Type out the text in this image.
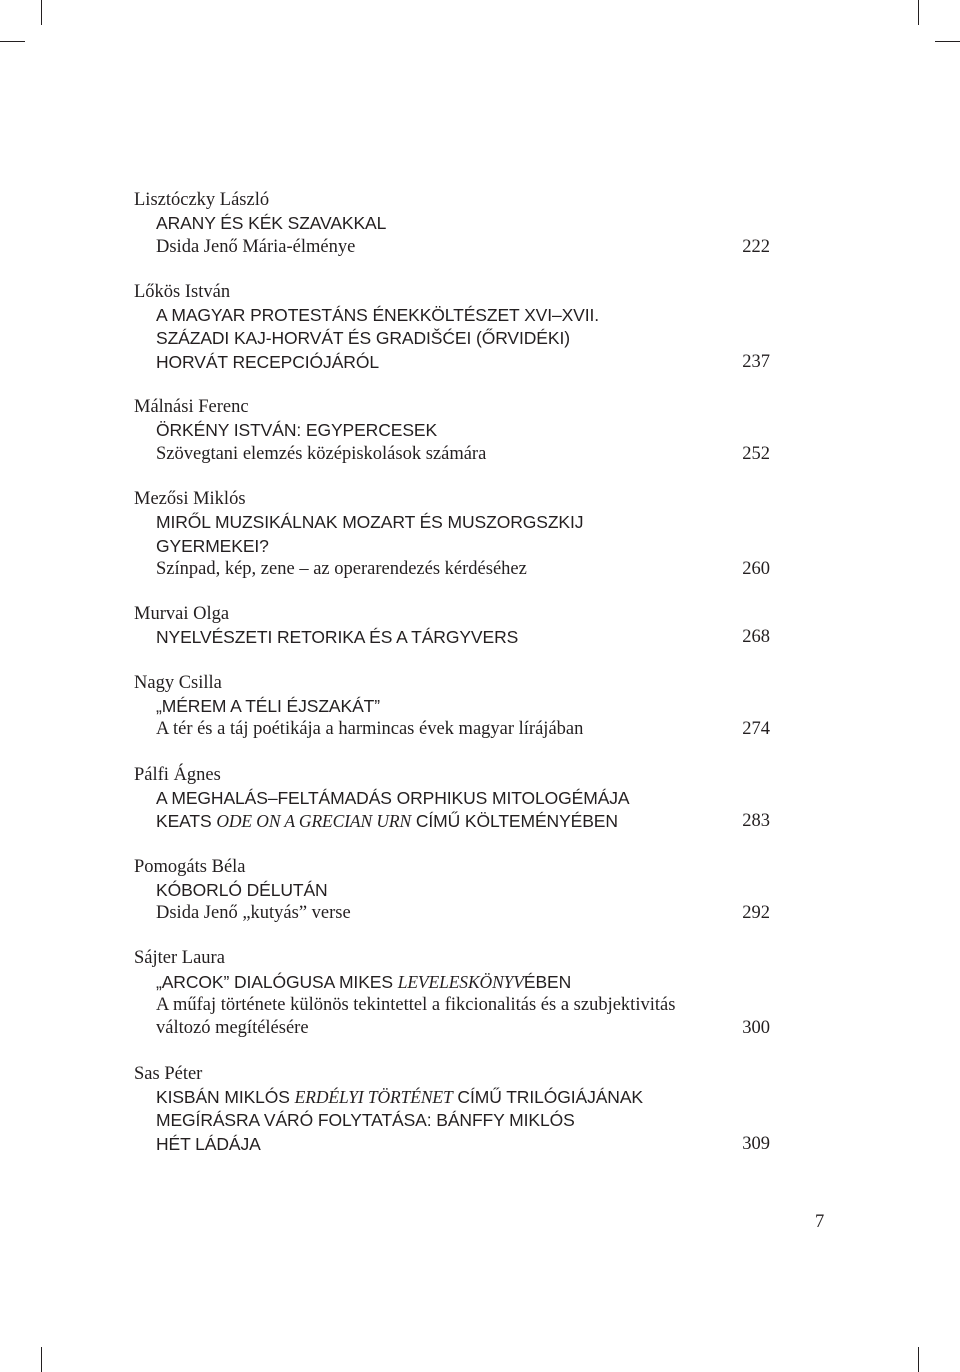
Lisztóczky László
ARANY ÉS KÉK SZAVAKKAL
Dsida Jenő Mária-élménye	222
Lőkös István
A MAGYAR PROTESTÁNS ÉNEKKÖLTÉSZET XVI–XVII.
SZÁZADI KAJ-HORVÁT ÉS GRADIŠĆEI (ŐRVIDÉKI)
HORVÁT RECEPCIÓJÁRÓL	237
Málnási Ferenc
ÖRKÉNY ISTVÁN: EGYPERCESEK
Szövegtani elemzés középiskolások számára	252
Mezősi Miklós
MIRŐL MUZSIKÁLNAK MOZART ÉS MUSZORGSZKIJ
GYERMEKEI?
Színpad, kép, zene – az operarendezés kérdéséhez	260
Murvai Olga
NYELVÉSZETI RETORIKA ÉS A TÁRGYVERS	268
Nagy Csilla
„MÉREM A TÉLI ÉJSZAKÁT”
A tér és a táj poétikája a harmincas évek magyar lírájában	274
Pálfi Ágnes
A MEGHALÁS–FELTÁMADÁS ORPHIKUS MITOLOGÉMÁJA
KEATS ODE ON A GRECIAN URN CÍMŰ KÖLTEMÉNYÉBEN	283
Pomogáts Béla
KÓBORLÓ DÉLUTÁN
Dsida Jenő „kutyás” verse	292
Sájter Laura
„ARCOK” DIALÓGUSA MIKES LEVELESKÖNYVÉBEN
A műfaj története különös tekintettel a fikcionalitás és a szubjektivitás
változó megítélésére	300
Sas Péter
KISBÁN MIKLÓS ERDÉLYI TÖRTÉNET CÍMŰ TRILÓGIÁJÁNAK
MEGÍRÁSRA VÁRÓ FOLYTATÁSA: BÁNFFY MIKLÓS
HÉT LÁDÁJA	309
7
